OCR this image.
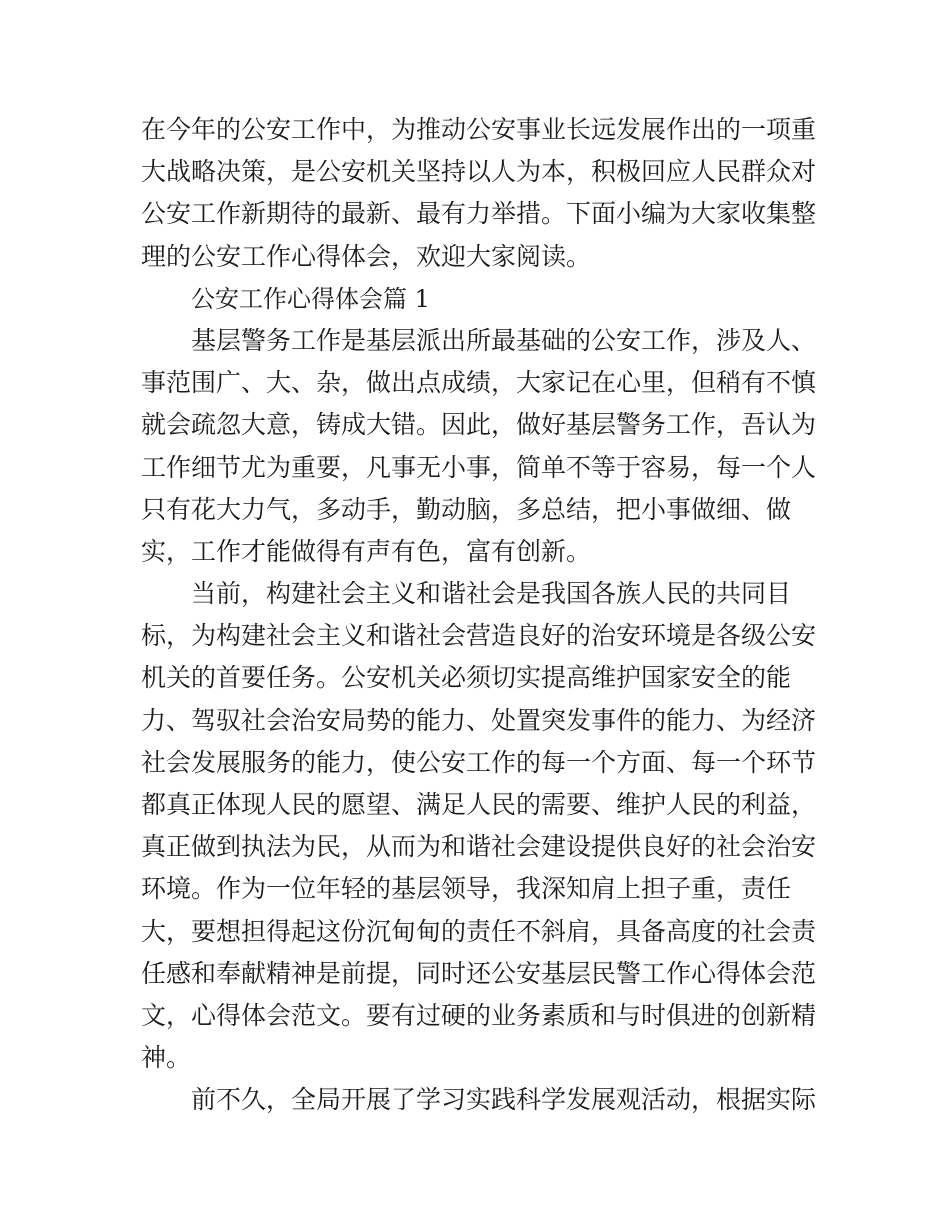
在今年的公安工作中，为推动公安事业长远发展作出的一项重
大战略决策，是公安机关坚持以人为本，积极回应人民群众对
公安工作新期待的最新、最有力举措。下面小编为大家收集整
理的公安工作心得体会，欢迎大家阅读。
公安工作心得体会篇 1
基层警务工作是基层派出所最基础的公安工作，涉及人、
事范围广、大、杂，做出点成绩，大家记在心里，但稍有不慎
就会疏忽大意，铸成大错。因此，做好基层警务工作，吾认为
工作细节尤为重要，凡事无小事，简单不等于容易，每一个人
只有花大力气，多动手，勤动脑，多总结，把小事做细、做
实，工作才能做得有声有色，富有创新。
当前，构建社会主义和谐社会是我国各族人民的共同目
标，为构建社会主义和谐社会营造良好的治安环境是各级公安
机关的首要任务。公安机关必须切实提高维护国家安全的能
力、驾驭社会治安局势的能力、处置突发事件的能力、为经济
社会发展服务的能力，使公安工作的每一个方面、每一个环节
都真正体现人民的愿望、满足人民的需要、维护人民的利益，
真正做到执法为民，从而为和谐社会建设提供良好的社会治安
环境。作为一位年轻的基层领导，我深知肩上担子重，责任
大，要想担得起这份沉甸甸的责任不斜肩，具备高度的社会责
任感和奉献精神是前提，同时还公安基层民警工作心得体会范
文，心得体会范文。要有过硬的业务素质和与时俱进的创新精
神。
前不久，全局开展了学习实践科学发展观活动，根据实际
